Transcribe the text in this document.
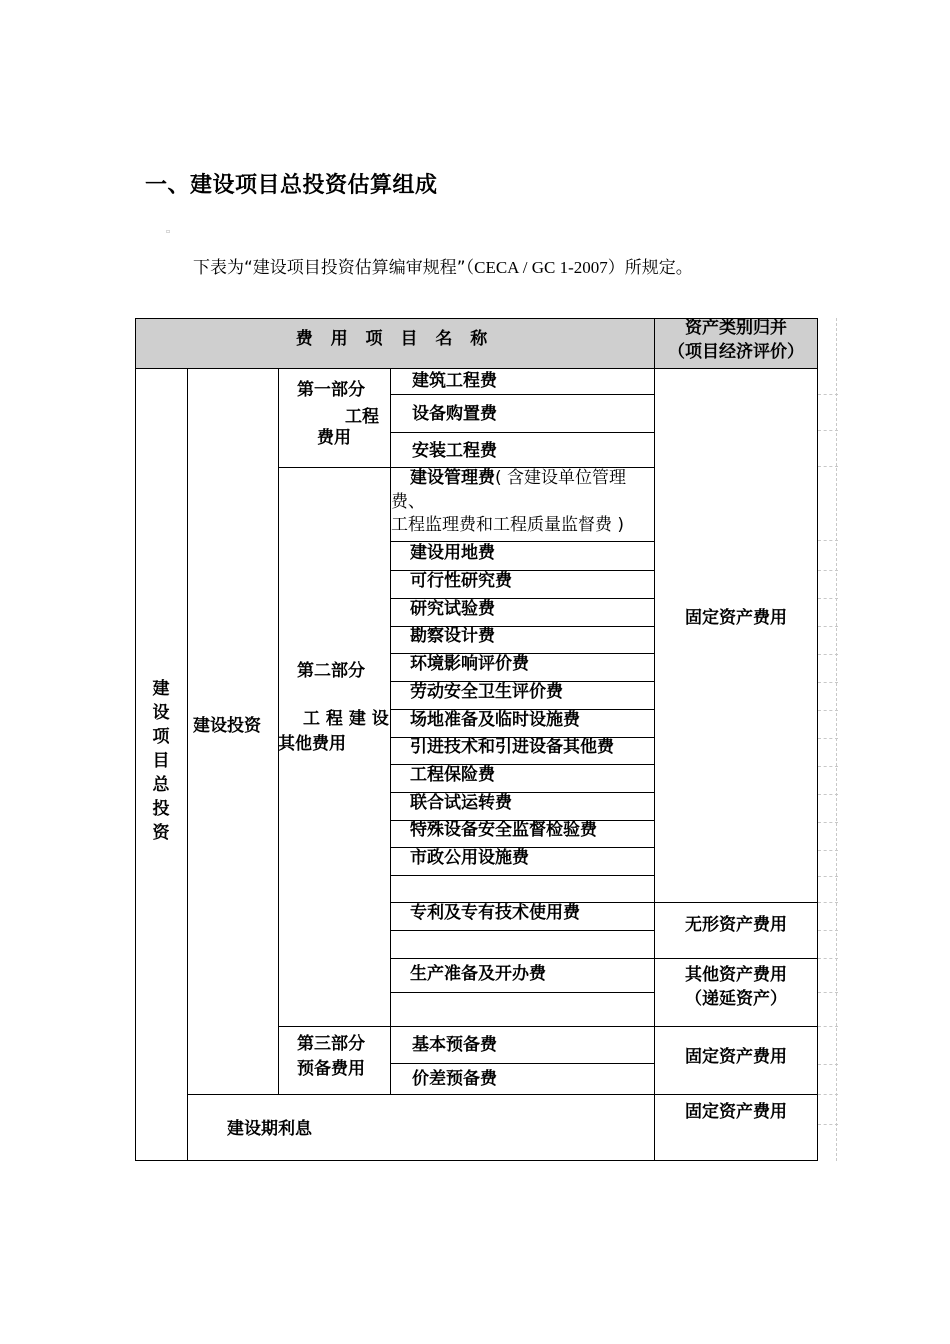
一、建设项目总投资估算组成
▫
下表为“建设项目投资估算编审规程”（CECA / GC 1-2007）所规定。
费 用 项 目 名 称
资产类别归并
（项目经济评价）
建设项目总投资
建设投资
第一部分
工程
费用
第二部分
工 程 建 设
其他费用
第三部分
预备费用
建筑工程费
设备购置费
安装工程费
建设管理费( 含建设单位管理
费、
工程监理费和工程质量监督费 )
建设用地费
可行性研究费
研究试验费
勘察设计费
环境影响评价费
劳动安全卫生评价费
场地准备及临时设施费
引进技术和引进设备其他费
工程保险费
联合试运转费
特殊设备安全监督检验费
市政公用设施费
专利及专有技术使用费
生产准备及开办费
基本预备费
价差预备费
建设期利息
固定资产费用
无形资产费用
其他资产费用
（递延资产）
固定资产费用
固定资产费用
